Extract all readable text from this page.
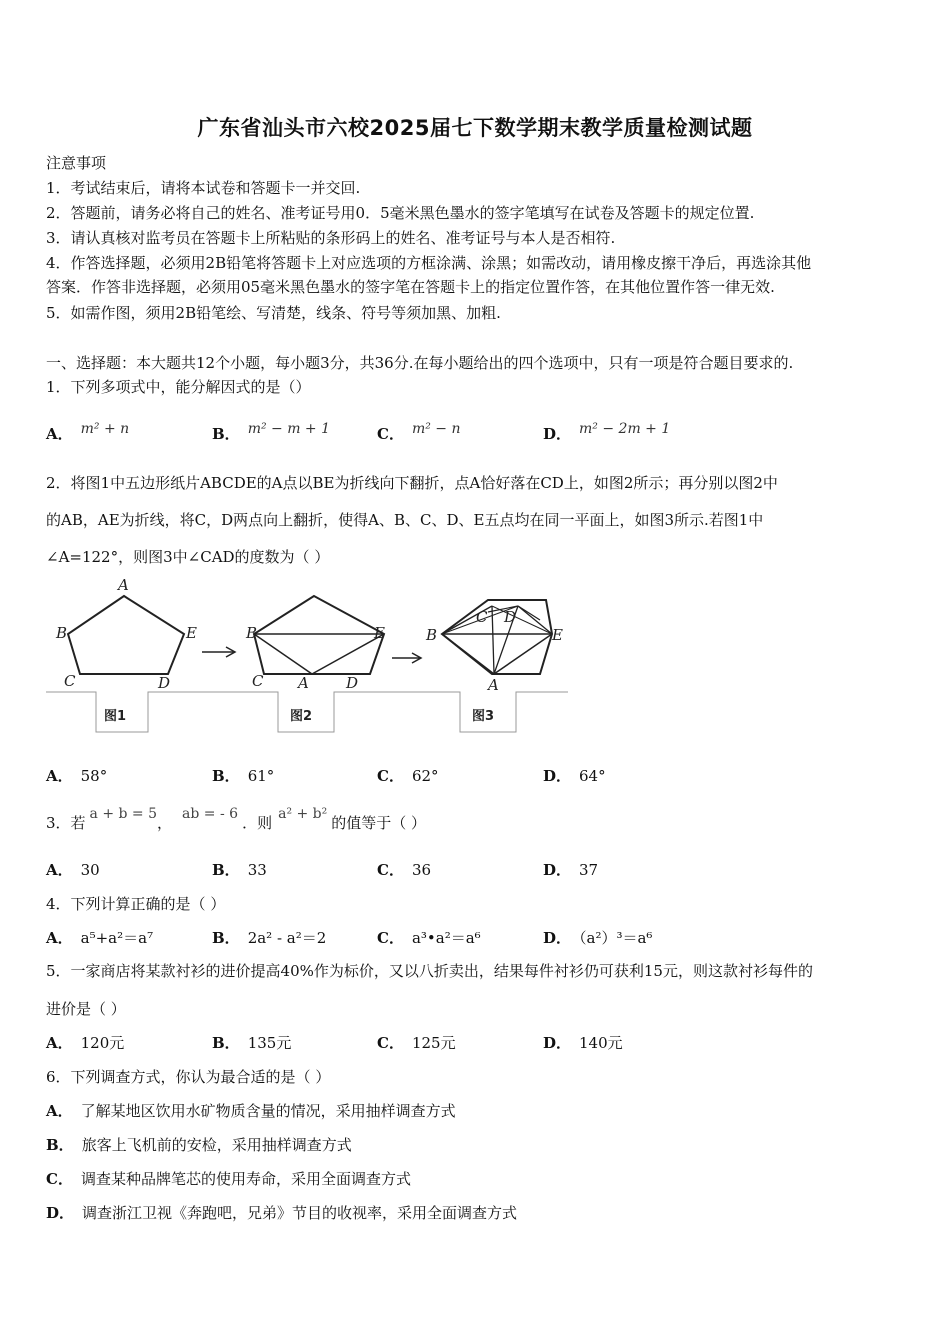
广东省汕头市六校2025届七下数学期末教学质量检测试题
注意事项
1．考试结束后，请将本试卷和答题卡一并交回.
2．答题前，请务必将自己的姓名、准考证号用0．5毫米黑色墨水的签字笔填写在试卷及答题卡的规定位置.
3．请认真核对监考员在答题卡上所粘贴的条形码上的姓名、准考证号与本人是否相符.
4．作答选择题，必须用2B铅笔将答题卡上对应选项的方框涂满、涂黑；如需改动，请用橡皮擦干净后，再选涂其他
答案．作答非选择题，必须用05毫米黑色墨水的签字笔在答题卡上的指定位置作答，在其他位置作答一律无效.
5．如需作图，须用2B铅笔绘、写清楚，线条、符号等须加黑、加粗.
一、选择题：本大题共12个小题，每小题3分，共36分.在每小题给出的四个选项中，只有一项是符合题目要求的.
1．下列多项式中，能分解因式的是（）
A． m² + n	B． m² − m + 1	C． m² − n	D． m² − 2m + 1
2．将图1中五边形纸片ABCDE的A点以BE为折线向下翻折，点A恰好落在CD上，如图2所示；再分别以图2中
的AB，AE为折线，将C，D两点向上翻折，使得A、B、C、D、E五点均在同一平面上，如图3所示.若图1中
∠A=122°，则图3中∠CAD的度数为（ ）
A
B	E
C	D
B	E
C A D
B
C D
E
A
图1	图2	图3
A． 58°	B． 61°	C． 62°	D． 64°
3．若 a + b = 5， ab = - 6 ．则 a² + b² 的值等于（ ）
A． 30	B． 33	C． 36	D． 37
4．下列计算正确的是（ ）
A． a⁵+a²＝a⁷	B． 2a² - a²＝2	C． a³•a²＝a⁶	D． （a²）³＝a⁶
5．一家商店将某款衬衫的进价提高40%作为标价，又以八折卖出，结果每件衬衫仍可获利15元，则这款衬衫每件的
进价是（ ）
A． 120元	B． 135元	C． 125元	D． 140元
6．下列调查方式，你认为最合适的是（ ）
A． 了解某地区饮用水矿物质含量的情况，采用抽样调查方式
B． 旅客上飞机前的安检，采用抽样调查方式
C． 调查某种品牌笔芯的使用寿命，采用全面调查方式
D． 调查浙江卫视《奔跑吧，兄弟》节目的收视率，采用全面调查方式
